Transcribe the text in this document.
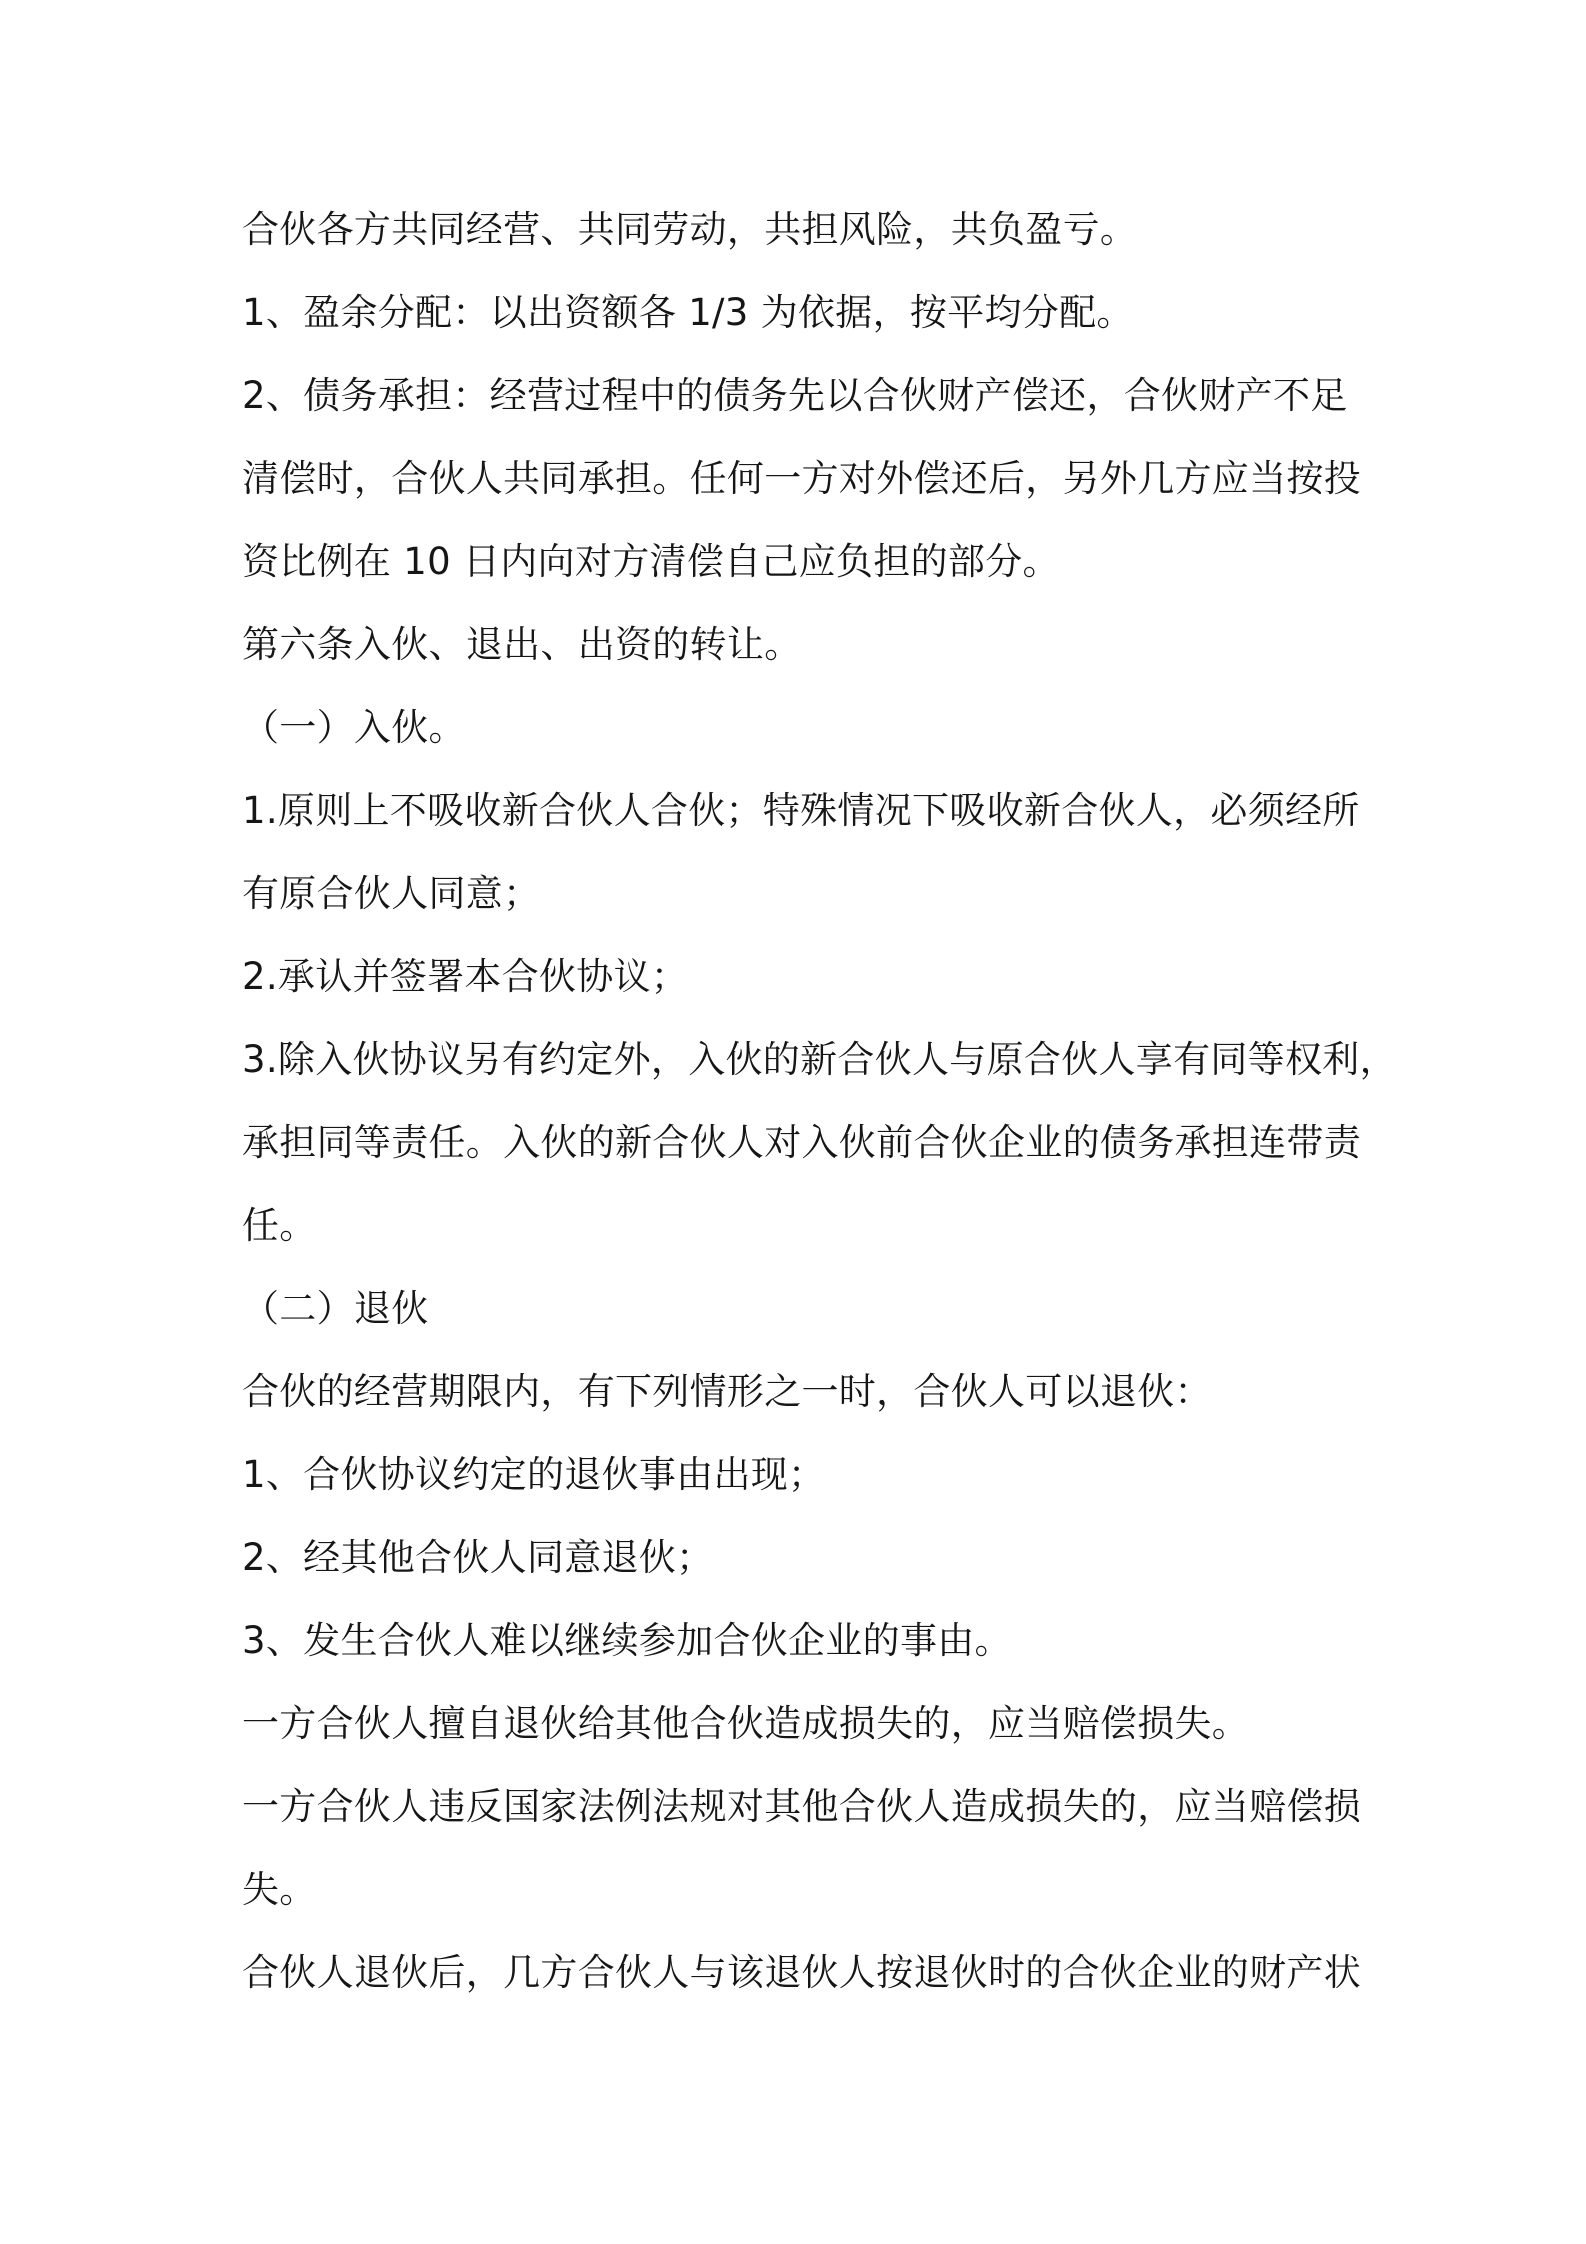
合伙各方共同经营、共同劳动，共担风险，共负盈亏。

1、盈余分配：以出资额各 1/3 为依据，按平均分配。

2、债务承担：经营过程中的债务先以合伙财产偿还，合伙财产不足

清偿时，合伙人共同承担。任何一方对外偿还后，另外几方应当按投

资比例在 10 日内向对方清偿自己应负担的部分。

第六条入伙、退出、出资的转让。

（一）入伙。

1.原则上不吸收新合伙人合伙；特殊情况下吸收新合伙人，必须经所

有原合伙人同意；

2.承认并签署本合伙协议；

3.除入伙协议另有约定外，入伙的新合伙人与原合伙人享有同等权利，

承担同等责任。入伙的新合伙人对入伙前合伙企业的债务承担连带责

任。

（二）退伙

合伙的经营期限内，有下列情形之一时，合伙人可以退伙：

1、合伙协议约定的退伙事由出现；

2、经其他合伙人同意退伙；

3、发生合伙人难以继续参加合伙企业的事由。

一方合伙人擅自退伙给其他合伙造成损失的，应当赔偿损失。

一方合伙人违反国家法例法规对其他合伙人造成损失的，应当赔偿损

失。

合伙人退伙后，几方合伙人与该退伙人按退伙时的合伙企业的财产状
